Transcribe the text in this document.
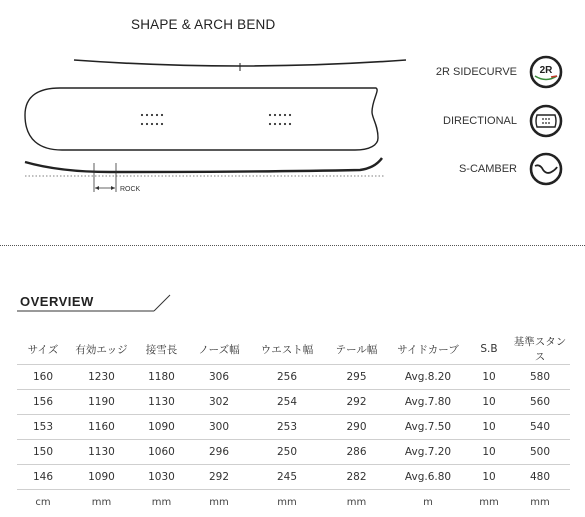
SHAPE & ARCH BEND
ROCK
2R SIDECURVE 2R
DIRECTIONAL
S-CAMBER
OVERVIEW
サイズ	有効エッジ	接雪長	ノーズ幅	ウエスト幅	テール幅	サイドカーブ	S.B	基準スタンス
160	1230	1180	306	256	295	Avg.8.20	10	580
156	1190	1130	302	254	292	Avg.7.80	10	560
153	1160	1090	300	253	290	Avg.7.50	10	540
150	1130	1060	296	250	286	Avg.7.20	10	500
146	1090	1030	292	245	282	Avg.6.80	10	480
cm	mm	mm	mm	mm	mm	m	mm	mm
